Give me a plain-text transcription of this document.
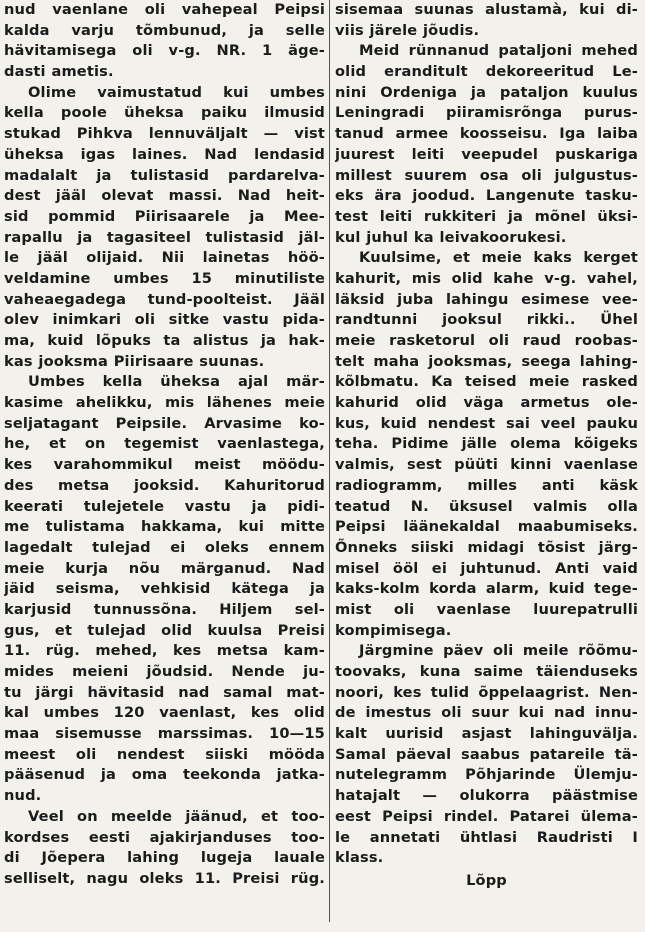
nud vaenlane oli vahepeal Peipsi
kalda varju tõmbunud, ja selle
hävitamisega oli v-g. NR. 1 äge-
dasti ametis.
Olime vaimustatud kui umbes
kella poole üheksa paiku ilmusid
stukad Pihkva lennuväljalt — vist
üheksa igas laines. Nad lendasid
madalalt ja tulistasid pardarelva-
dest jääl olevat massi. Nad heit-
sid pommid Piirisaarele ja Mee-
rapallu ja tagasiteel tulistasid jäl-
le jääl olijaid. Nii lainetas höö-
veldamine umbes 15 minutiliste
vaheaegadega tund-poolteist. Jääl
olev inimkari oli sitke vastu pida-
ma, kuid lõpuks ta alistus ja hak-
kas jooksma Piirisaare suunas.
Umbes kella üheksa ajal mär-
kasime ahelikku, mis lähenes meie
seljatagant Peipsile. Arvasime ko-
he, et on tegemist vaenlastega,
kes varahommikul meist möödu-
des metsa jooksid. Kahuritorud
keerati tulejetele vastu ja pidi-
me tulistama hakkama, kui mitte
lagedalt tulejad ei oleks ennem
meie kurja nõu märganud. Nad
jäid seisma, vehkisid kätega ja
karjusid tunnussõna. Hiljem sel-
gus, et tulejad olid kuulsa Preisi
11. rüg. mehed, kes metsa kam-
mides meieni jõudsid. Nende ju-
tu järgi hävitasid nad samal mat-
kal umbes 120 vaenlast, kes olid
maa sisemusse marssimas. 10—15
meest oli nendest siiski mööda
pääsenud ja oma teekonda jatka-
nud.
Veel on meelde jäänud, et too-
kordses eesti ajakirjanduses too-
di Jõepera lahing lugeja lauale
selliselt, nagu oleks 11. Preisi rüg.
sisemaa suunas alustamà, kui di-
viis järele jõudis.
Meid rünnanud pataljoni mehed
olid eranditult dekoreeritud Le-
nini Ordeniga ja pataljon kuulus
Leningradi piiramisrõnga purus-
tanud armee koosseisu. Iga laiba
juurest leiti veepudel puskariga
millest suurem osa oli julgustus-
eks ära joodud. Langenute tasku-
test leiti rukkiteri ja mõnel üksi-
kul juhul ka leivakoorukesi.
Kuulsime, et meie kaks kerget
kahurit, mis olid kahe v-g. vahel,
läksid juba lahingu esimese vee-
randtunni jooksul rikki.. Ühel
meie rasketorul oli raud roobas-
telt maha jooksmas, seega lahing-
kõlbmatu. Ka teised meie rasked
kahurid olid väga armetus ole-
kus, kuid nendest sai veel pauku
teha. Pidime jälle olema kõigeks
valmis, sest püüti kinni vaenlase
radiogramm, milles anti käsk
teatud N. üksusel valmis olla
Peipsi läänekaldal maabumiseks.
Õnneks siiski midagi tõsist järg-
misel ööl ei juhtunud. Anti vaid
kaks-kolm korda alarm, kuid tege-
mist oli vaenlase luurepatrulli
kompimisega.
Järgmine päev oli meile rõõmu-
toovaks, kuna saime täienduseks
noori, kes tulid õppelaagrist. Nen-
de imestus oli suur kui nad innu-
kalt uurisid asjast lahinguvälja.
Samal päeval saabus patareile tä-
nutelegramm Põhjarinde Ülemju-
hatajalt — olukorra päästmise
eest Peipsi rindel. Patarei ülema-
le annetati ühtlasi Raudristi I
klass.
Lõpp
